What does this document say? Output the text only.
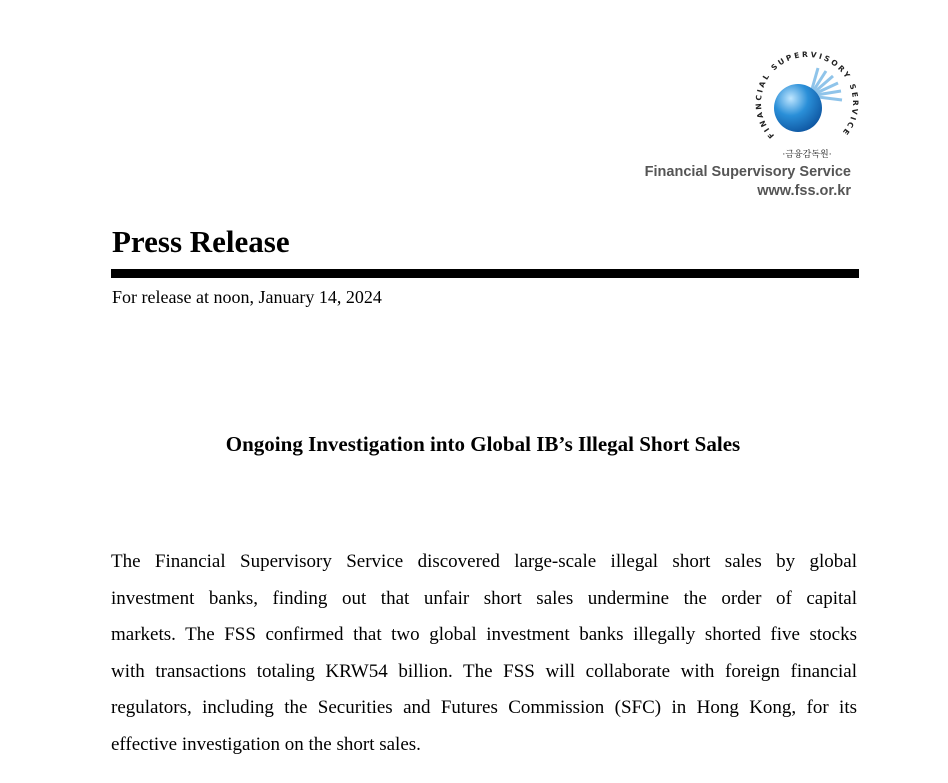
FINANCIAL SUPERVISORY SERVICE
·금융감독원·
Financial Supervisory Service
www.fss.or.kr
Press Release
For release at noon, January 14, 2024
Ongoing Investigation into Global IB’s Illegal Short Sales
The Financial Supervisory Service discovered large-scale illegal short sales by global
investment banks, finding out that unfair short sales undermine the order of capital
markets. The FSS confirmed that two global investment banks illegally shorted five stocks
with transactions totaling KRW54 billion. The FSS will collaborate with foreign financial
regulators, including the Securities and Futures Commission (SFC) in Hong Kong, for its
effective investigation on the short sales.
